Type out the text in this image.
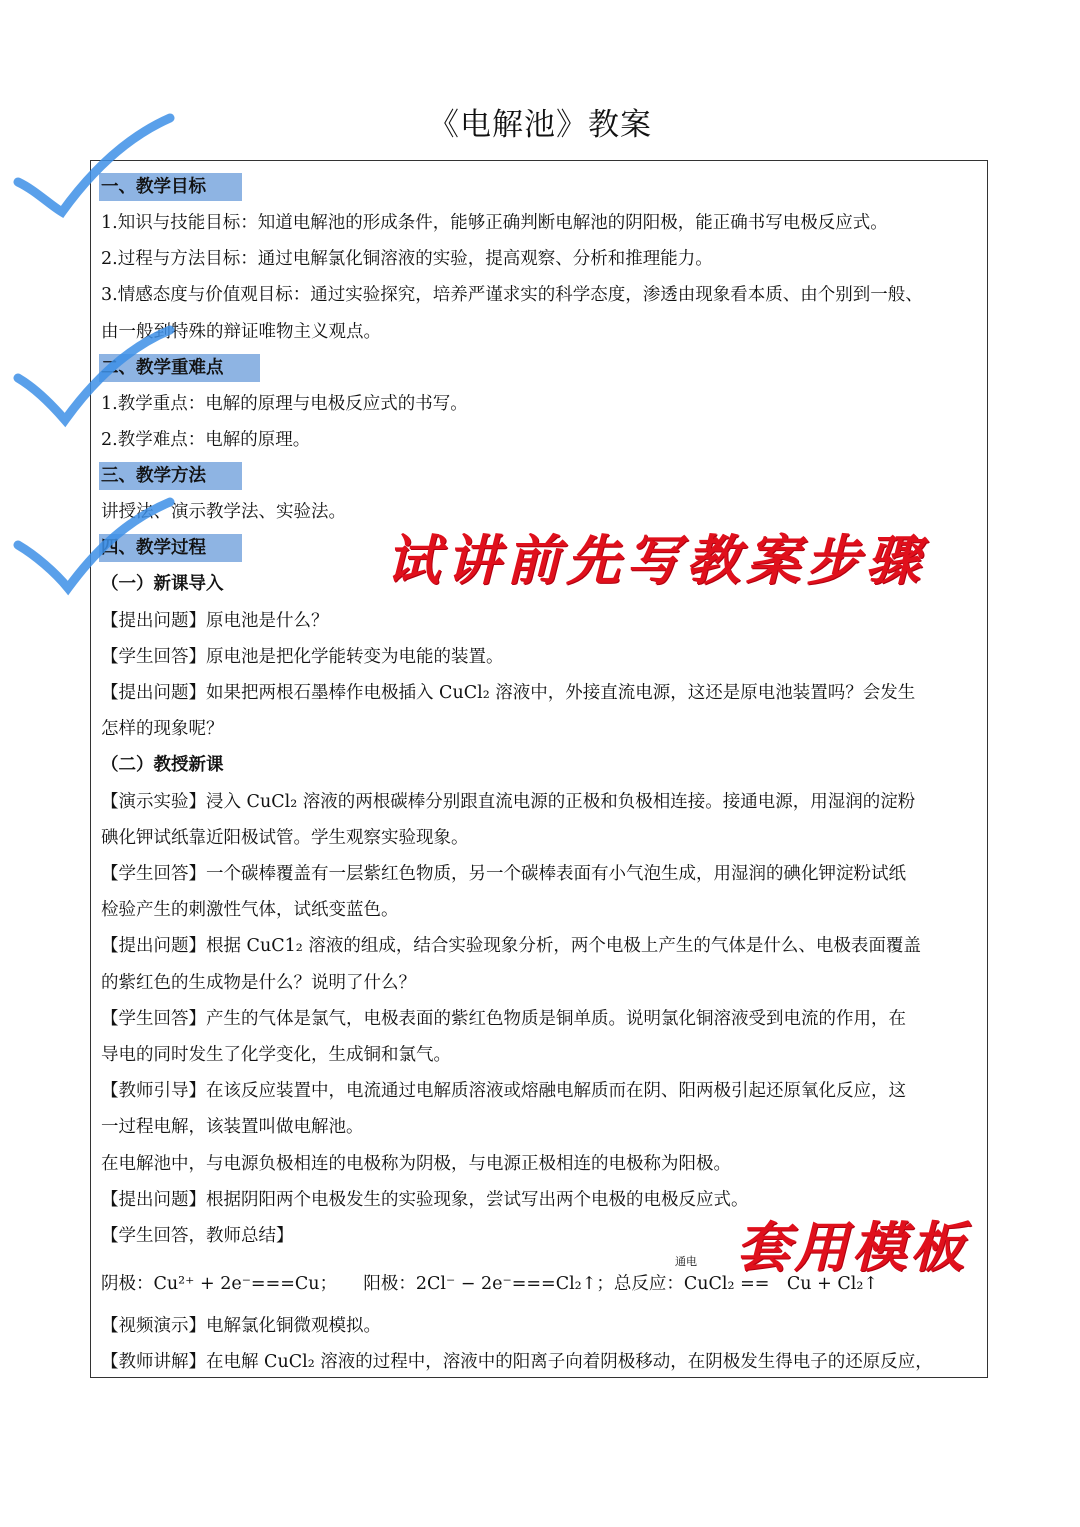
《电解池》教案
一、教学目标
1.知识与技能目标：知道电解池的形成条件，能够正确判断电解池的阴阳极，能正确书写电极反应式。
2.过程与方法目标：通过电解氯化铜溶液的实验，提高观察、分析和推理能力。
3.情感态度与价值观目标：通过实验探究，培养严谨求实的科学态度，渗透由现象看本质、由个别到一般、
由一般到特殊的辩证唯物主义观点。
二、教学重难点
1.教学重点：电解的原理与电极反应式的书写。
2.教学难点：电解的原理。
三、教学方法
讲授法、演示教学法、实验法。
四、教学过程
（一）新课导入
【提出问题】原电池是什么？
【学生回答】原电池是把化学能转变为电能的装置。
【提出问题】如果把两根石墨棒作电极插入 CuCl₂ 溶液中，外接直流电源，这还是原电池装置吗？会发生
怎样的现象呢？
（二）教授新课
【演示实验】浸入 CuCl₂ 溶液的两根碳棒分别跟直流电源的正极和负极相连接。接通电源，用湿润的淀粉
碘化钾试纸靠近阳极试管。学生观察实验现象。
【学生回答】一个碳棒覆盖有一层紫红色物质，另一个碳棒表面有小气泡生成，用湿润的碘化钾淀粉试纸
检验产生的刺激性气体，试纸变蓝色。
【提出问题】根据 CuC1₂ 溶液的组成，结合实验现象分析，两个电极上产生的气体是什么、电极表面覆盖
的紫红色的生成物是什么？说明了什么？
【学生回答】产生的气体是氯气，电极表面的紫红色物质是铜单质。说明氯化铜溶液受到电流的作用，在
导电的同时发生了化学变化，生成铜和氯气。
【教师引导】在该反应装置中，电流通过电解质溶液或熔融电解质而在阴、阳两极引起还原氧化反应，这
一过程电解，该装置叫做电解池。
在电解池中，与电源负极相连的电极称为阴极，与电源正极相连的电极称为阳极。
【提出问题】根据阴阳两个电极发生的实验现象，尝试写出两个电极的电极反应式。
【学生回答，教师总结】
通电
阴极：Cu²⁺ + 2e⁻===Cu；　　阳极：2Cl⁻ − 2e⁻===Cl₂↑；总反应：CuCl₂ ==　Cu + Cl₂↑
【视频演示】电解氯化铜微观模拟。
【教师讲解】在电解 CuCl₂ 溶液的过程中，溶液中的阳离子向着阴极移动，在阴极发生得电子的还原反应，
试讲前先写教案步骤
套用模板
